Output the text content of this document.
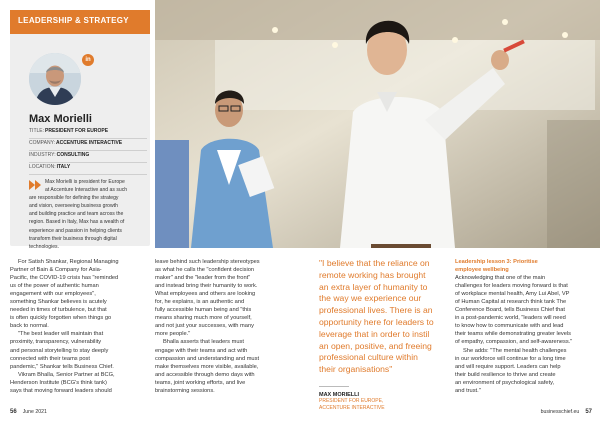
LEADERSHIP & STRATEGY
in
Max Morielli
TITLE:PRESIDENT FOR EUROPE
COMPANY:ACCENTURE INTERACTIVE
INDUSTRY:CONSULTING
LOCATION:ITALY
Max Morielli is president for Europe
at Accenture Interactive and as such
are responsible for defining the strategy
and vision, overseeing business growth
and building practice and team across the
region. Based in Italy, Max has a wealth of
experience and passion in helping clients
transform their business through digital
technologies.

For Satish Shankar, Regional Managing

Partner of Bain & Company for Asia-

Pacific, the COVID-19 crisis has "reminded

us of the power of authentic human

engagement with our employees",

something Shankar believes is acutely

needed in times of turbulence, but that

is often quickly forgotten when things go

back to normal.

"The best leader will maintain that

proximity, transparency, vulnerability

and personal storytelling to stay deeply

connected with their teams post

pandemic," Shankar tells Business Chief.

Vikram Bhalla, Senior Partner at BCG,

Henderson Institute (BCG's think tank)

says that moving forward leaders should

leave behind such leadership stereotypes

as what he calls the "confident decision

maker" and the "leader from the front"

and instead bring their humanity to work.

What employees and others are looking

for, he explains, is an authentic and

fully accessible human being and "this

means sharing much more of yourself,

and not just your successes, with many

more people."

Bhalla asserts that leaders must

engage with their teams and act with

compassion and understanding and must

make themselves more visible, available,

and accessible through demo days with

teams, joint working efforts, and live

brainstorming sessions.

"I believe that the reliance on
remote working has brought
an extra layer of humanity to
the way we experience our
professional lives. There is an
opportunity here for leaders to
leverage that in order to instil
an open, positive, and freeing
professional culture within
their organisations"
MAX MORIELLI
PRESIDENT FOR EUROPE,
ACCENTURE INTERACTIVE

Leadership lesson 3: Prioritise

employee wellbeing

Acknowledging that one of the main

challenges for leaders moving forward is that

of workplace mental health, Amy Lui Abel, VP

of Human Capital at research think tank The

Conference Board, tells Business Chief that

in a post-pandemic world, "leaders will need

to know how to communicate with and lead

their teams while demonstrating greater levels

of empathy, compassion, and self-awareness."

She adds: "The mental health challenges

in our workforce will continue for a long time

and will require support. Leaders can help

their build resilience to thrive and create

an environment of psychological safety,

and trust."

56 June 2021	businesschief.eu 57
